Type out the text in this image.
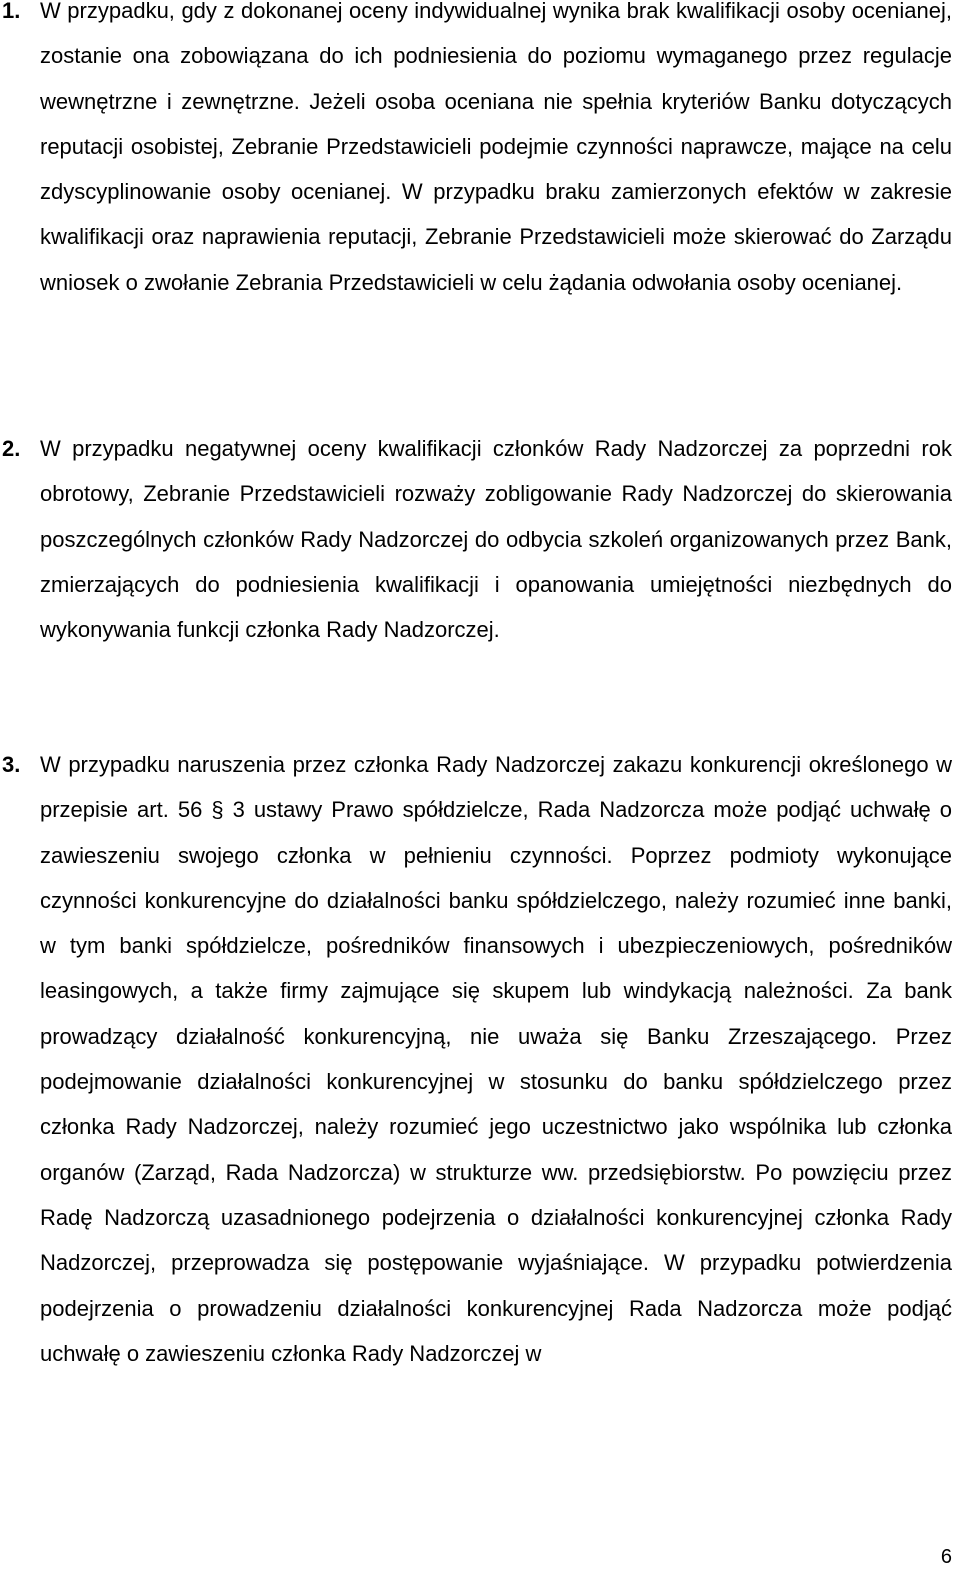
1. W przypadku, gdy z dokonanej oceny indywidualnej wynika brak kwalifikacji osoby ocenianej, zostanie ona zobowiązana do ich podniesienia do poziomu wymaganego przez regulacje wewnętrzne i zewnętrzne. Jeżeli osoba oceniana nie spełnia kryteriów Banku dotyczących reputacji osobistej, Zebranie Przedstawicieli podejmie czynności naprawcze, mające na celu zdyscyplinowanie osoby ocenianej. W przypadku braku zamierzonych efektów w zakresie kwalifikacji oraz naprawienia reputacji, Zebranie Przedstawicieli może skierować do Zarządu wniosek o zwołanie Zebrania Przedstawicieli w celu żądania odwołania osoby ocenianej.
2. W przypadku negatywnej oceny kwalifikacji członków Rady Nadzorczej za poprzedni rok obrotowy, Zebranie Przedstawicieli rozważy zobligowanie Rady Nadzorczej do skierowania poszczególnych członków Rady Nadzorczej do odbycia szkoleń organizowanych przez Bank, zmierzających do podniesienia kwalifikacji i opanowania umiejętności niezbędnych do wykonywania funkcji członka Rady Nadzorczej.
3. W przypadku naruszenia przez członka Rady Nadzorczej zakazu konkurencji określonego w przepisie art. 56 § 3 ustawy Prawo spółdzielcze, Rada Nadzorcza może podjąć uchwałę o zawieszeniu swojego członka w pełnieniu czynności. Poprzez podmioty wykonujące czynności konkurencyjne do działalności banku spółdzielczego, należy rozumieć inne banki, w tym banki spółdzielcze, pośredników finansowych i ubezpieczeniowych, pośredników leasingowych, a także firmy zajmujące się skupem lub windykacją należności. Za bank prowadzący działalność konkurencyjną, nie uważa się Banku Zrzeszającego. Przez podejmowanie działalności konkurencyjnej w stosunku do banku spółdzielczego przez członka Rady Nadzorczej, należy rozumieć jego uczestnictwo jako wspólnika lub członka organów (Zarząd, Rada Nadzorcza) w strukturze ww. przedsiębiorstw. Po powzięciu przez Radę Nadzorczą uzasadnionego podejrzenia o działalności konkurencyjnej członka Rady Nadzorczej, przeprowadza się postępowanie wyjaśniające. W przypadku potwierdzenia podejrzenia o prowadzeniu działalności konkurencyjnej Rada Nadzorcza może podjąć uchwałę o zawieszeniu członka Rady Nadzorczej w
6
